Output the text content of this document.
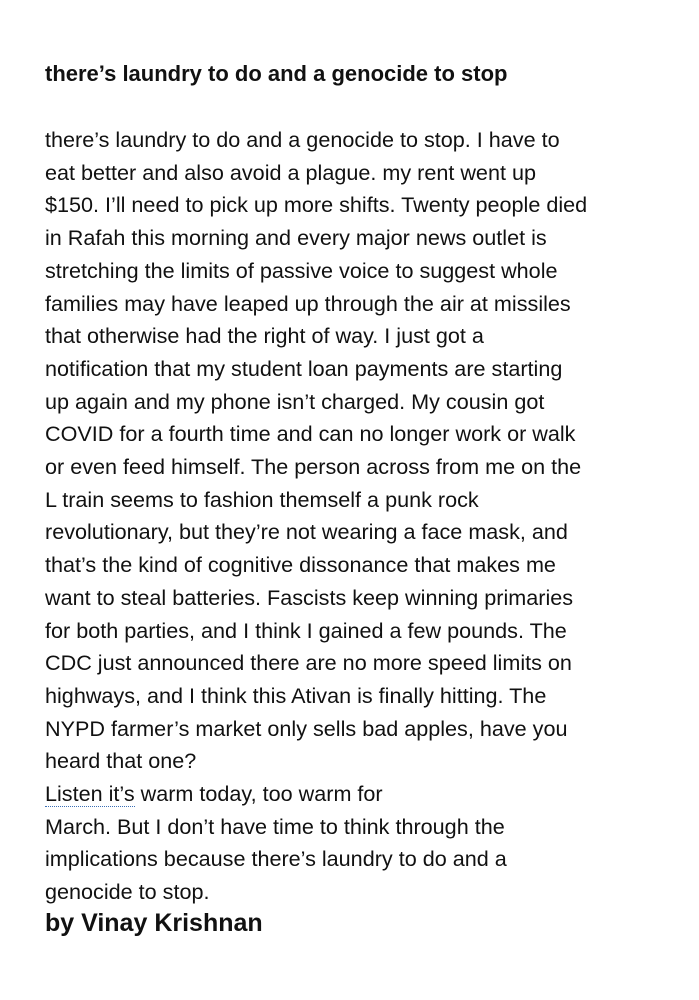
there’s laundry to do and a genocide to stop
there’s laundry to do and a genocide to stop. I have to
eat better and also avoid a plague. my rent went up
$150. I’ll need to pick up more shifts. Twenty people died
in Rafah this morning and every major news outlet is
stretching the limits of passive voice to suggest whole
families may have leaped up through the air at missiles
that otherwise had the right of way. I just got a
notification that my student loan payments are starting
up again and my phone isn’t charged. My cousin got
COVID for a fourth time and can no longer work or walk
or even feed himself. The person across from me on the
L train seems to fashion themself a punk rock
revolutionary, but they’re not wearing a face mask, and
that’s the kind of cognitive dissonance that makes me
want to steal batteries. Fascists keep winning primaries
for both parties, and I think I gained a few pounds. The
CDC just announced there are no more speed limits on
highways, and I think this Ativan is finally hitting. The
NYPD farmer’s market only sells bad apples, have you
heard that one?
Listen it’s warm today, too warm for
March. But I don’t have time to think through the
implications because there’s laundry to do and a
genocide to stop.
by Vinay Krishnan
